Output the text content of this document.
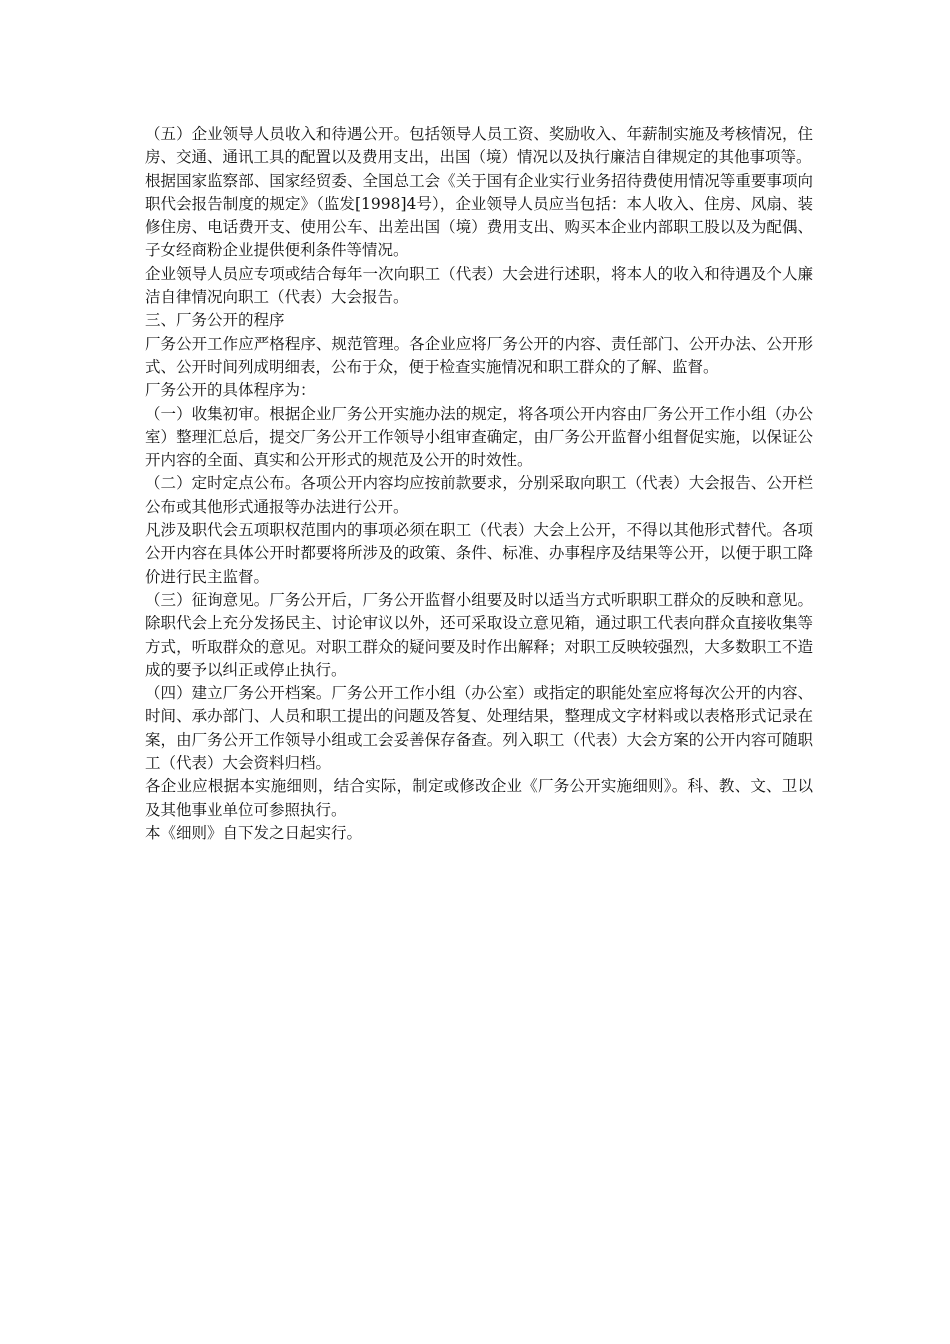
（五）企业领导人员收入和待遇公开。包括领导人员工资、奖励收入、年薪制实施及考核情况，住房、交通、通讯工具的配置以及费用支出，出国（境）情况以及执行廉洁自律规定的其他事项等。

根据国家监察部、国家经贸委、全国总工会《关于国有企业实行业务招待费使用情况等重要事项向职代会报告制度的规定》（监发[1998]4号），企业领导人员应当包括：本人收入、住房、风扇、装修住房、电话费开支、使用公车、出差出国（境）费用支出、购买本企业内部职工股以及为配偶、子女经商粉企业提供便利条件等情况。

企业领导人员应专项或结合每年一次向职工（代表）大会进行述职，将本人的收入和待遇及个人廉洁自律情况向职工（代表）大会报告。

三、厂务公开的程序

厂务公开工作应严格程序、规范管理。各企业应将厂务公开的内容、责任部门、公开办法、公开形式、公开时间列成明细表，公布于众，便于检查实施情况和职工群众的了解、监督。

厂务公开的具体程序为：

（一）收集初审。根据企业厂务公开实施办法的规定，将各项公开内容由厂务公开工作小组（办公室）整理汇总后，提交厂务公开工作领导小组审查确定，由厂务公开监督小组督促实施，以保证公开内容的全面、真实和公开形式的规范及公开的时效性。

（二）定时定点公布。各项公开内容均应按前款要求，分别采取向职工（代表）大会报告、公开栏公布或其他形式通报等办法进行公开。

凡涉及职代会五项职权范围内的事项必须在职工（代表）大会上公开，不得以其他形式替代。各项公开内容在具体公开时都要将所涉及的政策、条件、标准、办事程序及结果等公开，以便于职工降价进行民主监督。

（三）征询意见。厂务公开后，厂务公开监督小组要及时以适当方式听职职工群众的反映和意见。除职代会上充分发扬民主、讨论审议以外，还可采取设立意见箱，通过职工代表向群众直接收集等方式，听取群众的意见。对职工群众的疑问要及时作出解释；对职工反映较强烈，大多数职工不造成的要予以纠正或停止执行。

（四）建立厂务公开档案。厂务公开工作小组（办公室）或指定的职能处室应将每次公开的内容、时间、承办部门、人员和职工提出的问题及答复、处理结果，整理成文字材料或以表格形式记录在案，由厂务公开工作领导小组或工会妥善保存备查。列入职工（代表）大会方案的公开内容可随职工（代表）大会资料归档。

各企业应根据本实施细则，结合实际，制定或修改企业《厂务公开实施细则》。科、教、文、卫以及其他事业单位可参照执行。

本《细则》自下发之日起实行。
